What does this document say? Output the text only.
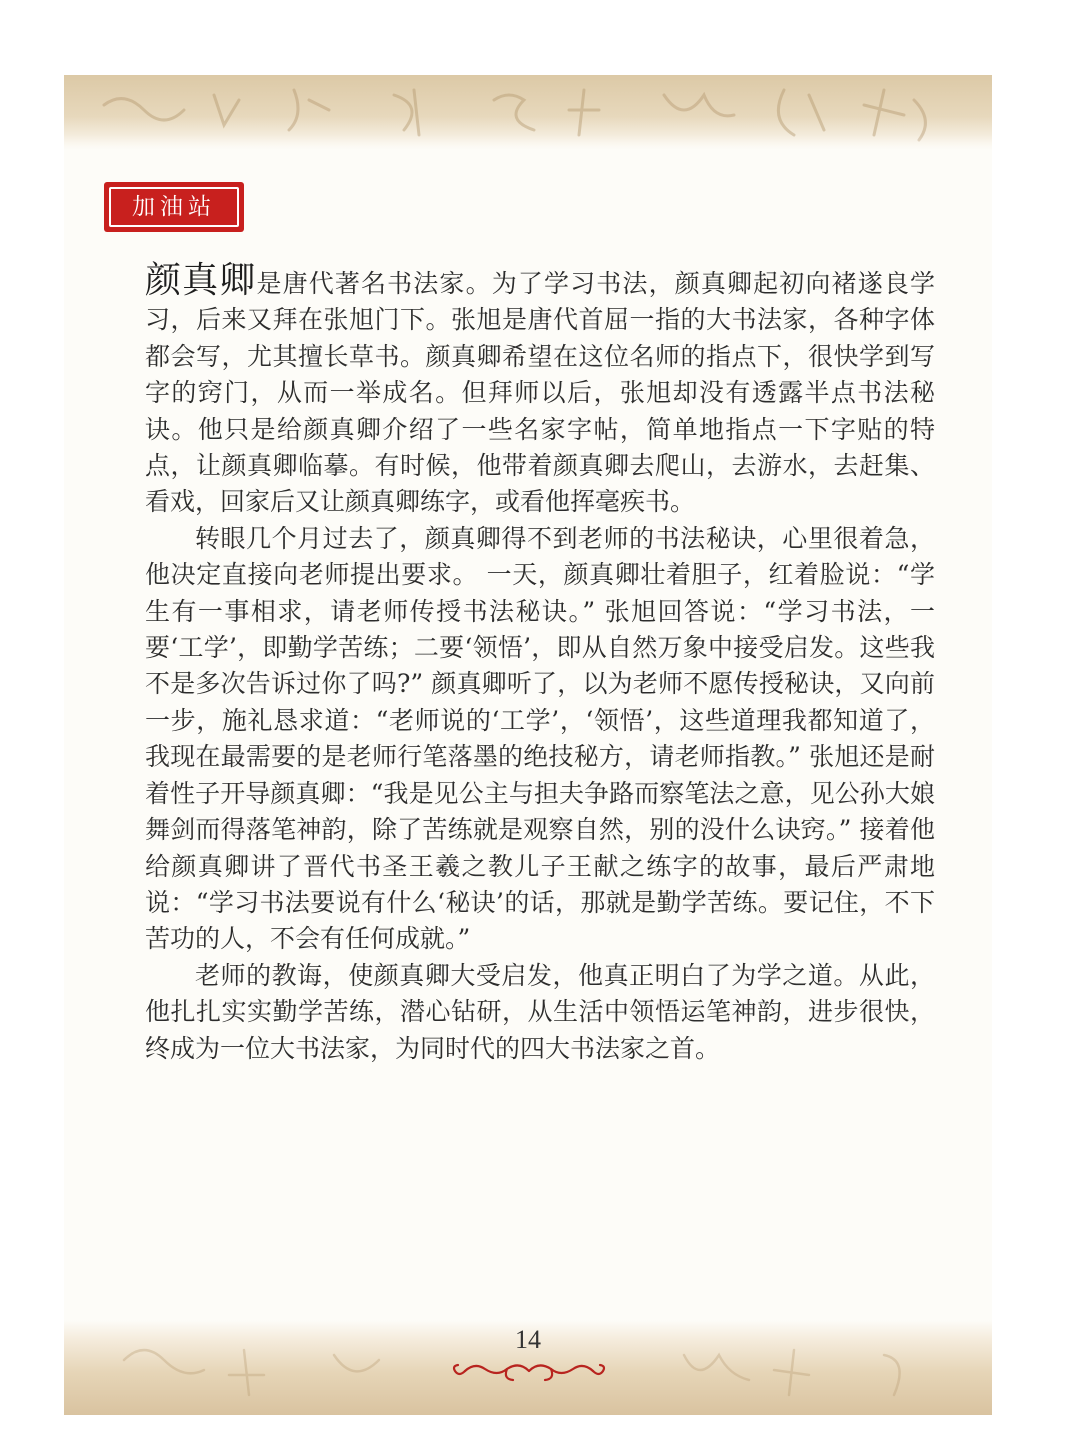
加油站

颜真卿是唐代著名书法家。为了学习书法，颜真卿起初向褚遂良学习，后来又拜在张旭门下。张旭是唐代首屈一指的大书法家，各种字体都会写，尤其擅长草书。颜真卿希望在这位名师的指点下，很快学到写字的窍门，从而一举成名。但拜师以后，张旭却没有透露半点书法秘诀。他只是给颜真卿介绍了一些名家字帖，简单地指点一下字贴的特点，让颜真卿临摹。有时候，他带着颜真卿去爬山，去游水，去赶集、看戏，回家后又让颜真卿练字，或看他挥毫疾书。

转眼几个月过去了，颜真卿得不到老师的书法秘诀，心里很着急，他决定直接向老师提出要求。 一天，颜真卿壮着胆子，红着脸说：“学生有一事相求，请老师传授书法秘诀。” 张旭回答说：“学习书法，一要‘工学’，即勤学苦练；二要‘领悟’，即从自然万象中接受启发。这些我不是多次告诉过你了吗?” 颜真卿听了，以为老师不愿传授秘诀，又向前一步，施礼恳求道：“老师说的‘工学’，‘领悟’，这些道理我都知道了，我现在最需要的是老师行笔落墨的绝技秘方，请老师指教。” 张旭还是耐着性子开导颜真卿：“我是见公主与担夫争路而察笔法之意，见公孙大娘舞剑而得落笔神韵，除了苦练就是观察自然，别的没什么诀窍。” 接着他给颜真卿讲了晋代书圣王羲之教儿子王献之练字的故事，最后严肃地说：“学习书法要说有什么‘秘诀’的话，那就是勤学苦练。要记住，不下苦功的人，不会有任何成就。”

老师的教诲，使颜真卿大受启发，他真正明白了为学之道。从此，他扎扎实实勤学苦练，潜心钻研，从生活中领悟运笔神韵，进步很快，终成为一位大书法家，为同时代的四大书法家之首。

14
